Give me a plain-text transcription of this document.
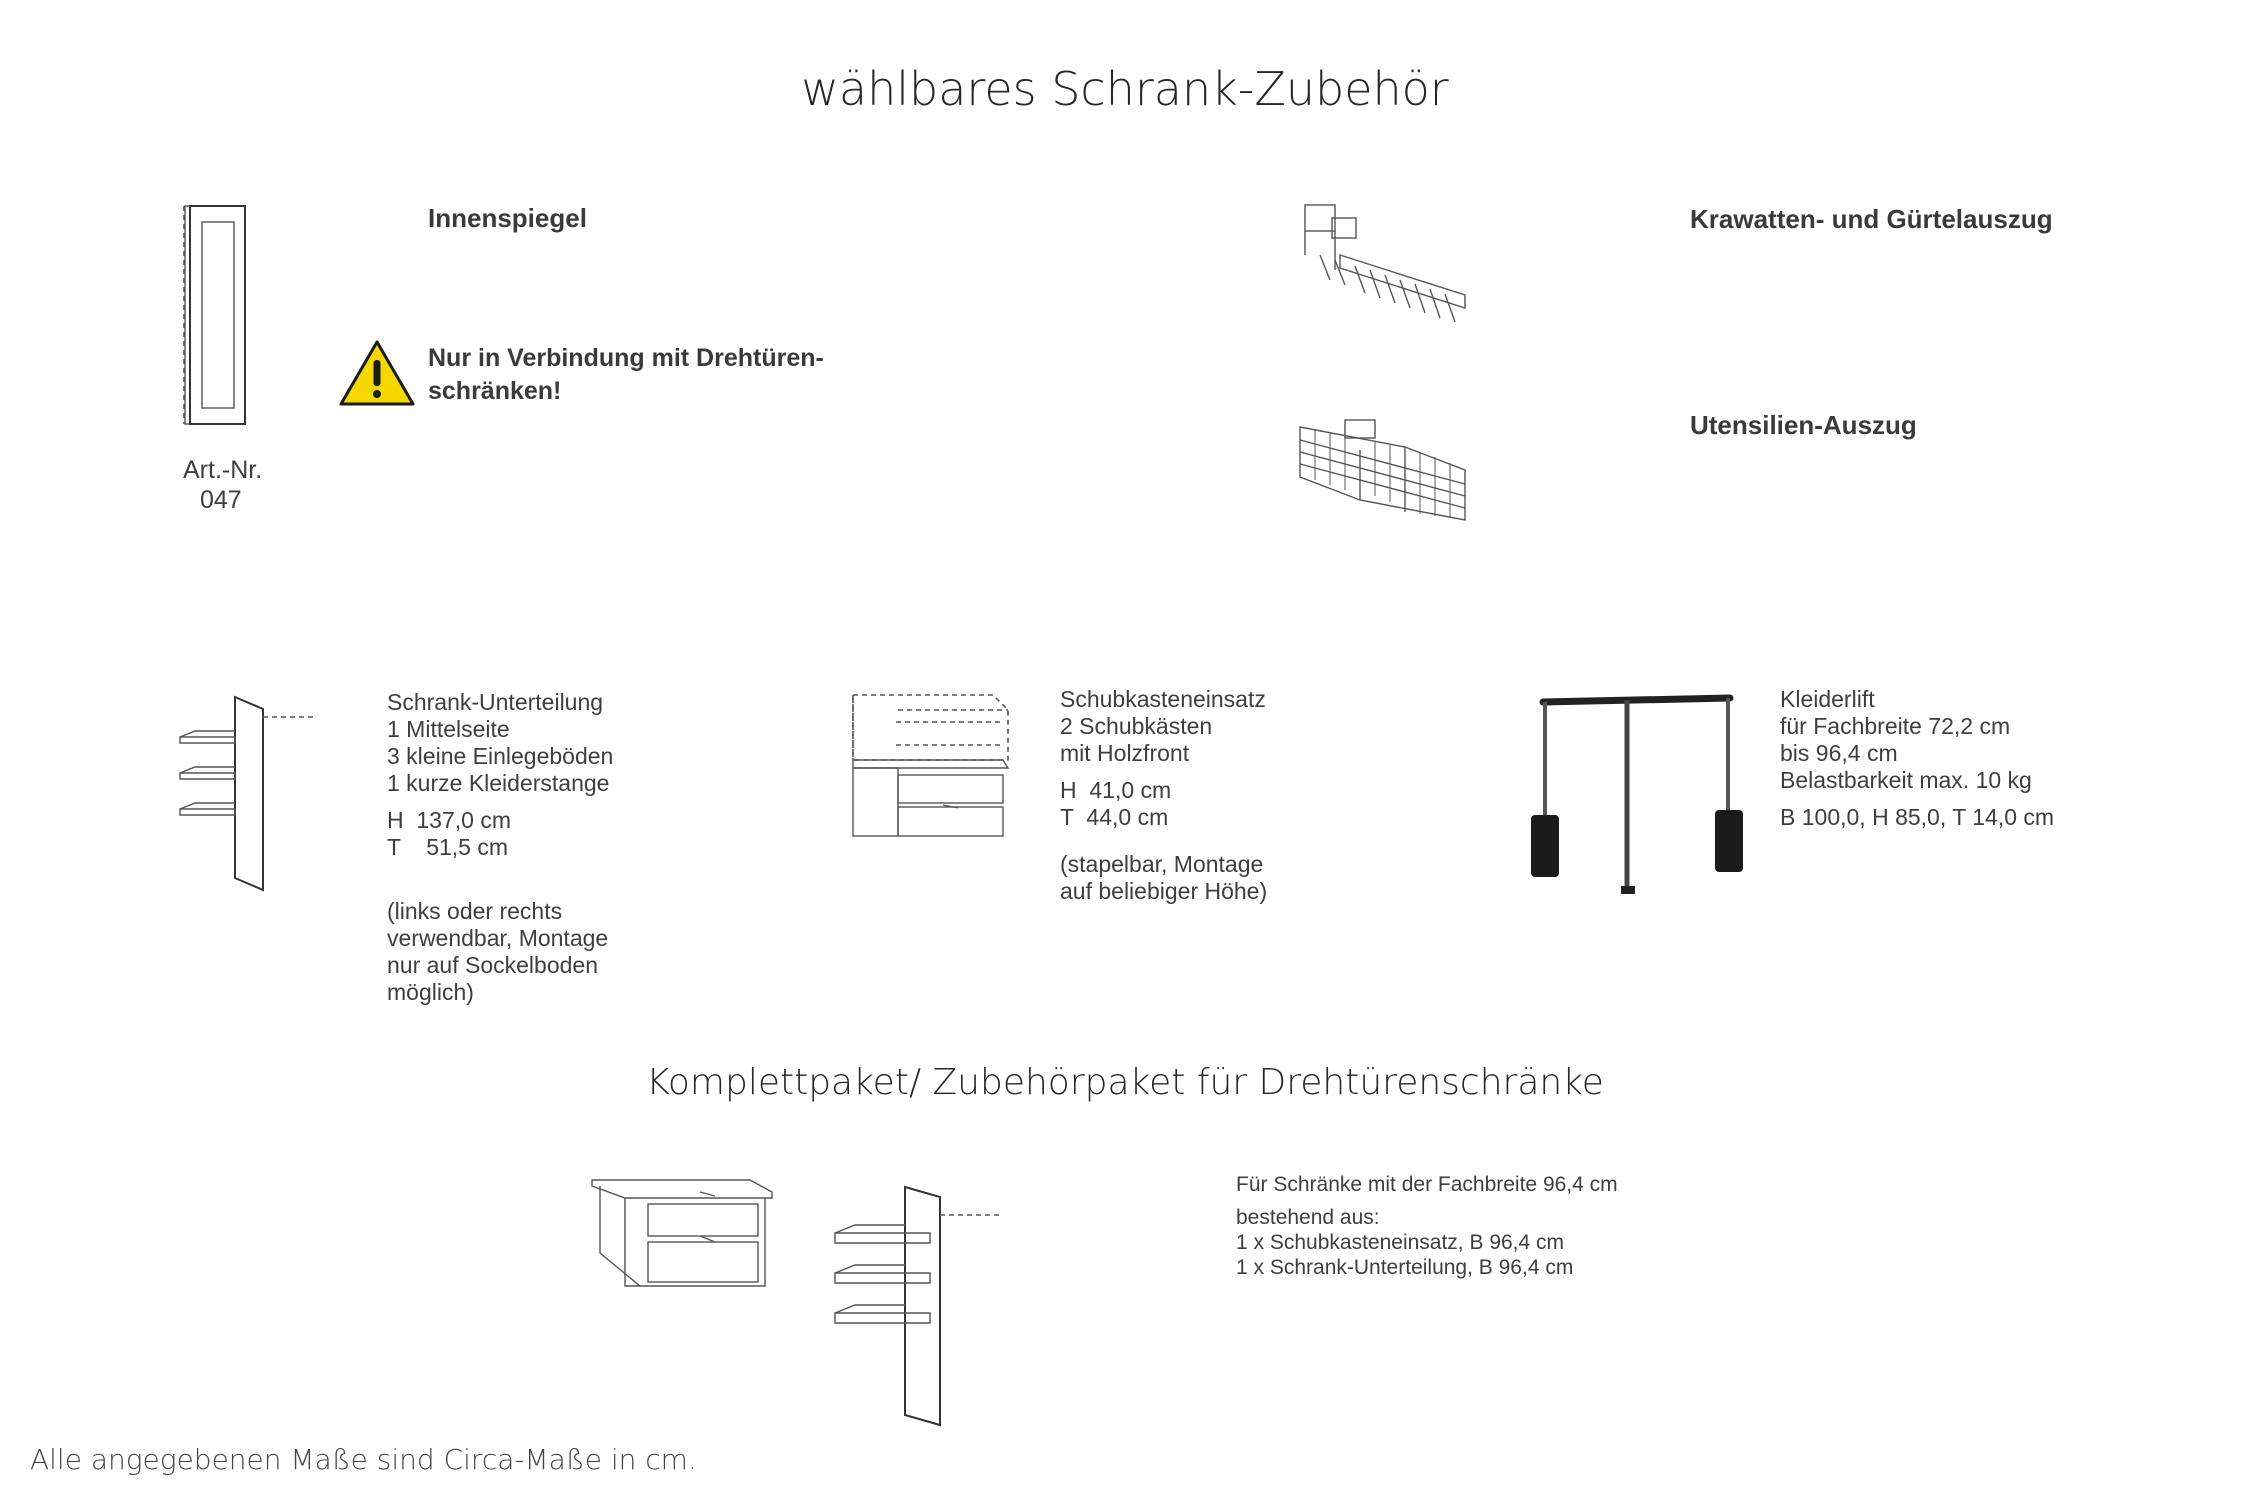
wählbares Schrank-Zubehör
Innenspiegel
Nur in Verbindung mit Drehtüren-
schränken!
Art.-Nr.
047
Krawatten- und Gürtelauszug
Utensilien-Auszug
Schrank-Unterteilung
1 Mittelseite
3 kleine Einlegeböden
1 kurze Kleiderstange
H  137,0 cm
T    51,5 cm
(links oder rechts
verwendbar, Montage
nur auf Sockelboden
möglich)
Schubkasteneinsatz
2 Schubkästen
mit Holzfront
H  41,0 cm
T  44,0 cm
(stapelbar, Montage
auf beliebiger Höhe)
Kleiderlift
für Fachbreite 72,2 cm
bis 96,4 cm
Belastbarkeit max. 10 kg
B 100,0, H 85,0, T 14,0 cm
Komplettpaket/ Zubehörpaket für Drehtürenschränke
Für Schränke mit der Fachbreite 96,4 cm
bestehend aus:
1 x Schubkasteneinsatz, B 96,4 cm
1 x Schrank-Unterteilung, B 96,4 cm
Alle angegebenen Maße sind Circa-Maße in cm.
